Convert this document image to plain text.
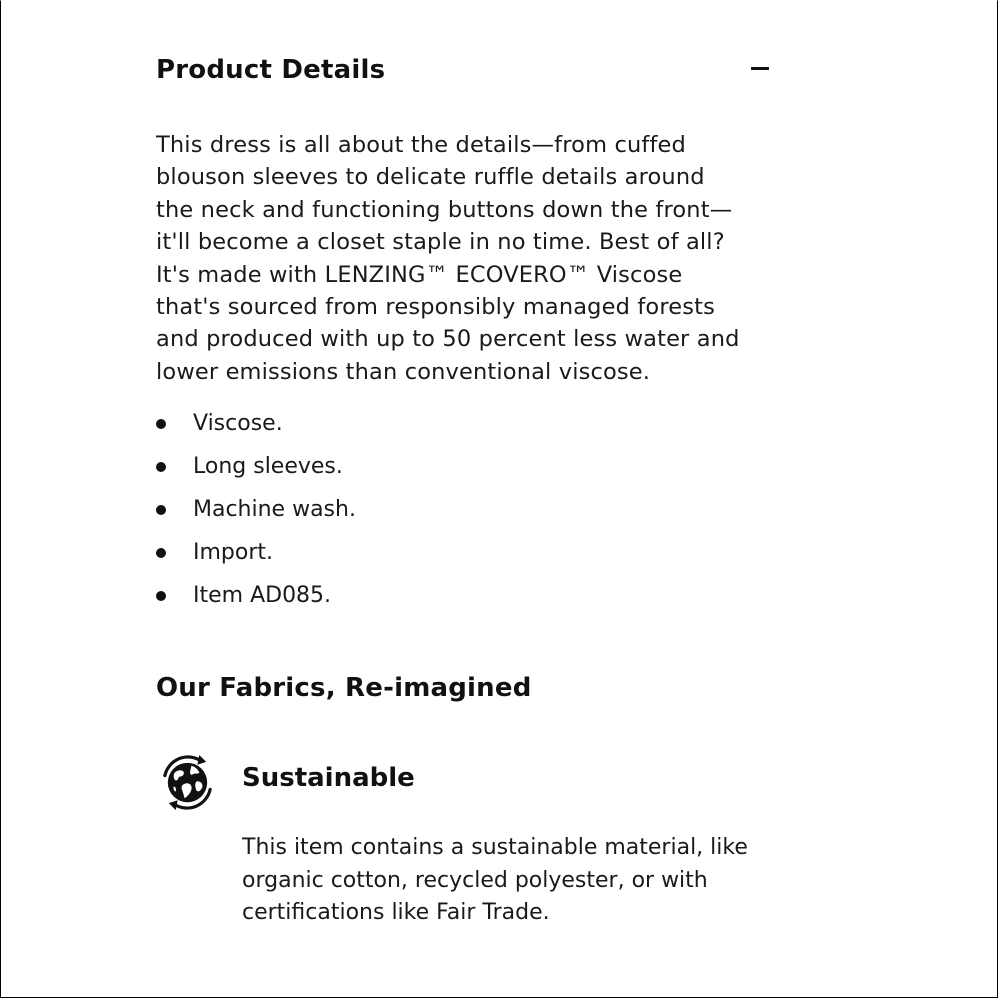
Product Details

This dress is all about the details—from cuffed
blouson sleeves to delicate ruffle details around
the neck and functioning buttons down the front—
it'll become a closet staple in no time. Best of all?
It's made with LENZING™ ECOVERO™ Viscose
that's sourced from responsibly managed forests
and produced with up to 50 percent less water and
lower emissions than conventional viscose.

Viscose.
Long sleeves.
Machine wash.
Import.
Item AD085.
Our Fabrics, Re-imagined
Sustainable

This item contains a sustainable material, like
organic cotton, recycled polyester, or with
certifications like Fair Trade.
